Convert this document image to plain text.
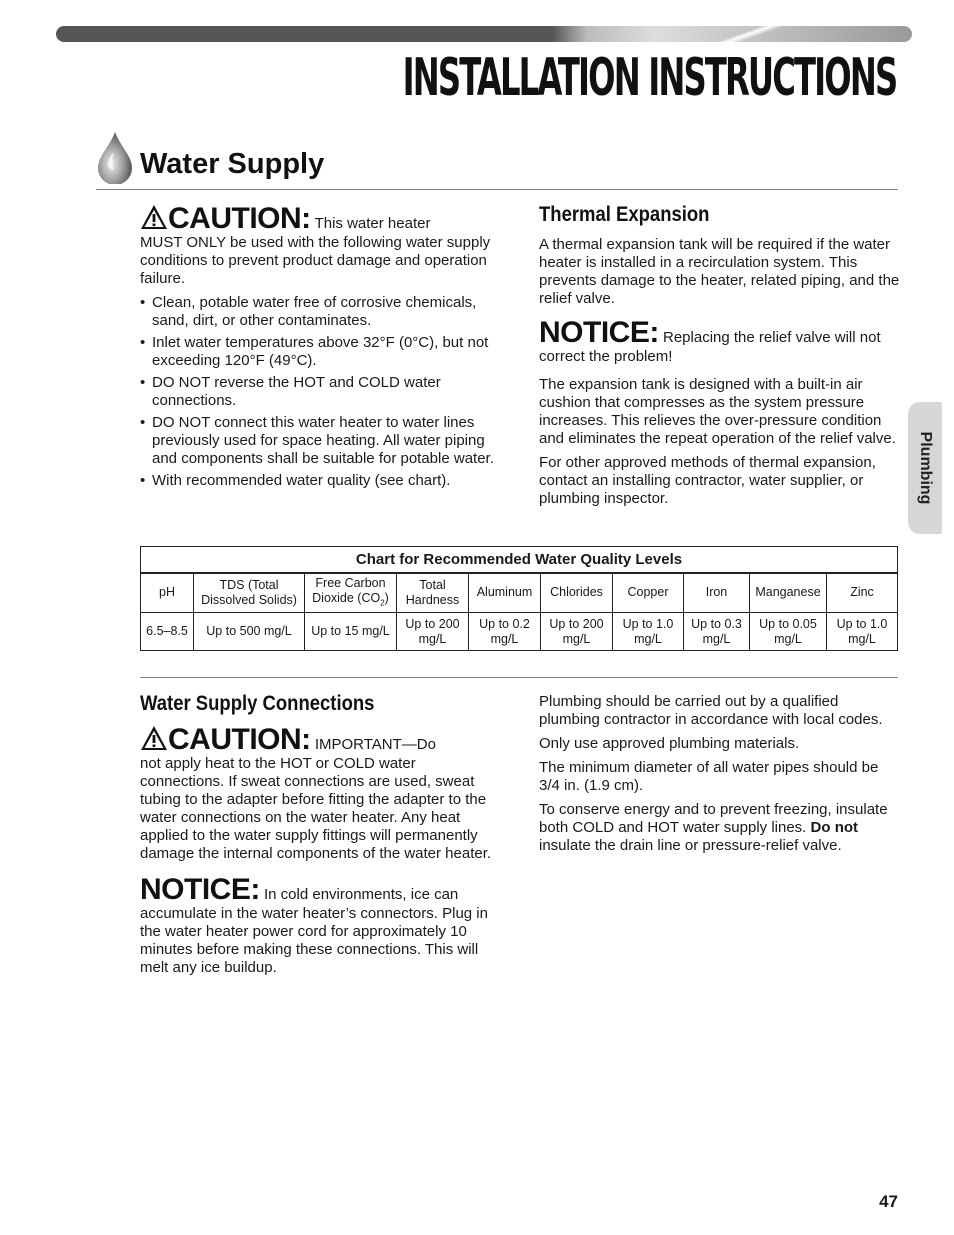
INSTALLATION INSTRUCTIONS
Water Supply

CAUTION: This water heater
MUST ONLY be used with the following water supply conditions to prevent product damage and operation failure.

• Clean, potable water free of corrosive chemicals, sand, dirt, or other contaminates.
• Inlet water temperatures above 32°F (0°C), but not exceeding 120°F (49°C).
• DO NOT reverse the HOT and COLD water connections.
• DO NOT connect this water heater to water lines previously used for space heating. All water piping and components shall be suitable for potable water.
• With recommended water quality (see chart).
Thermal Expansion

A thermal expansion tank will be required if the water heater is installed in a recirculation system. This prevents damage to the heater, related piping, and the relief valve.

NOTICE: Replacing the relief valve will not correct the problem!

The expansion tank is designed with a built-in air cushion that compresses as the system pressure increases. This relieves the over-pressure condition and eliminates the repeat operation of the relief valve.

For other approved methods of thermal expansion, contact an installing contractor, water supplier, or plumbing inspector.	Plumbing
Chart for Recommended Water Quality Levels									
pH	TDS (Total Dissolved Solids)	Free Carbon Dioxide $(CO_2)$	Total Hardness	Aluminum	Chlorides	Copper	Iron	Manganese	Zinc
6.5–8.5	Up to 500 mg/L	Up to 15 mg/L	Up to 200 mg/L	Up to 0.2 mg/L	Up to 200 mg/L	Up to 1.0 mg/L	Up to 0.3 mg/L	Up to 0.05 mg/L	Up to 1.0 mg/L
Water Supply Connections

CAUTION: IMPORTANT—Do
not apply heat to the HOT or COLD water connections. If sweat connections are used, sweat tubing to the adapter before fitting the adapter to the water connections on the water heater. Any heat applied to the water supply fittings will permanently damage the internal components of the water heater.

NOTICE: In cold environments, ice can accumulate in the water heater’s connectors. Plug in the water heater power cord for approximately 10 minutes before making these connections. This will melt any ice buildup.

Plumbing should be carried out by a qualified plumbing contractor in accordance with local codes.

Only use approved plumbing materials.

The minimum diameter of all water pipes should be 3/4 in. (1.9 cm).

To conserve energy and to prevent freezing, insulate both COLD and HOT water supply lines. Do not insulate the drain line or pressure-relief valve.

47
